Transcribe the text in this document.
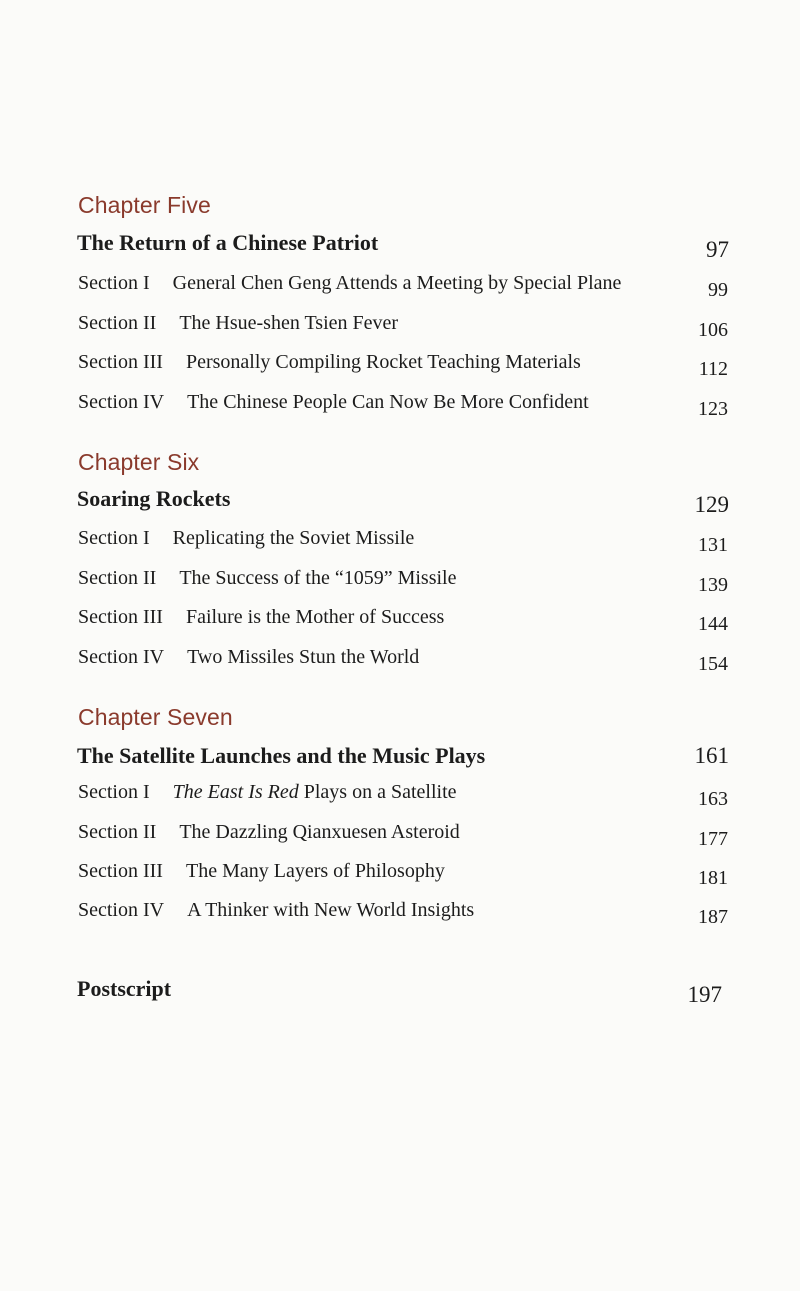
Chapter Five
The Return of a Chinese Patriot	97
Section I General Chen Geng Attends a Meeting by Special Plane	99
Section II The Hsue-shen Tsien Fever	106
Section III Personally Compiling Rocket Teaching Materials	112
Section IV The Chinese People Can Now Be More Confident	123
Chapter Six
Soaring Rockets	129
Section I Replicating the Soviet Missile	131
Section II The Success of the “1059” Missile	139
Section III Failure is the Mother of Success	144
Section IV Two Missiles Stun the World	154
Chapter Seven
The Satellite Launches and the Music Plays	161
Section I The East Is Red Plays on a Satellite	163
Section II The Dazzling Qianxuesen Asteroid	177
Section III The Many Layers of Philosophy	181
Section IV A Thinker with New World Insights	187
Postscript	197
